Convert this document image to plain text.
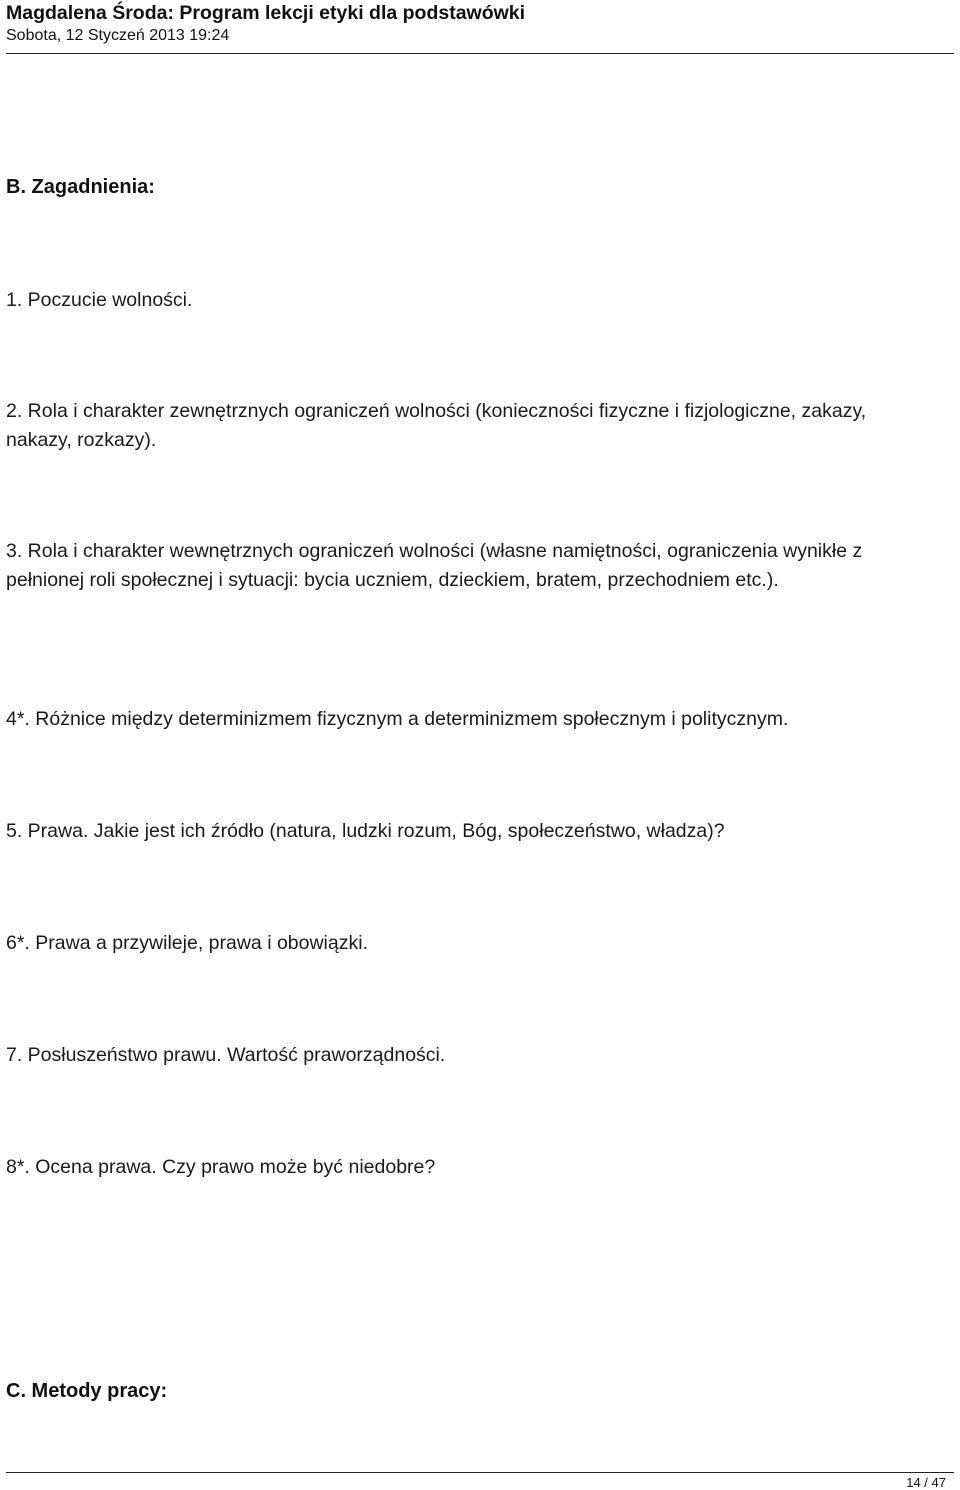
Magdalena Środa: Program lekcji etyki dla podstawówki
Sobota, 12 Styczeń 2013 19:24
B. Zagadnienia:
1. Poczucie wolności.
2. Rola i charakter zewnętrznych ograniczeń wolności (konieczności fizyczne i fizjologiczne, zakazy, nakazy, rozkazy).
3. Rola i charakter wewnętrznych ograniczeń wolności (własne namiętności, ograniczenia wynikłe z pełnionej roli społecznej i sytuacji: bycia uczniem, dzieckiem, bratem, przechodniem etc.).
4*. Różnice między determinizmem fizycznym a determinizmem społecznym i politycznym.
5. Prawa. Jakie jest ich źródło (natura, ludzki rozum, Bóg, społeczeństwo, władza)?
6*. Prawa a przywileje, prawa i obowiązki.
7. Posłuszeństwo prawu. Wartość praworządności.
8*. Ocena prawa. Czy prawo może być niedobre?
C. Metody pracy:
14 / 47
